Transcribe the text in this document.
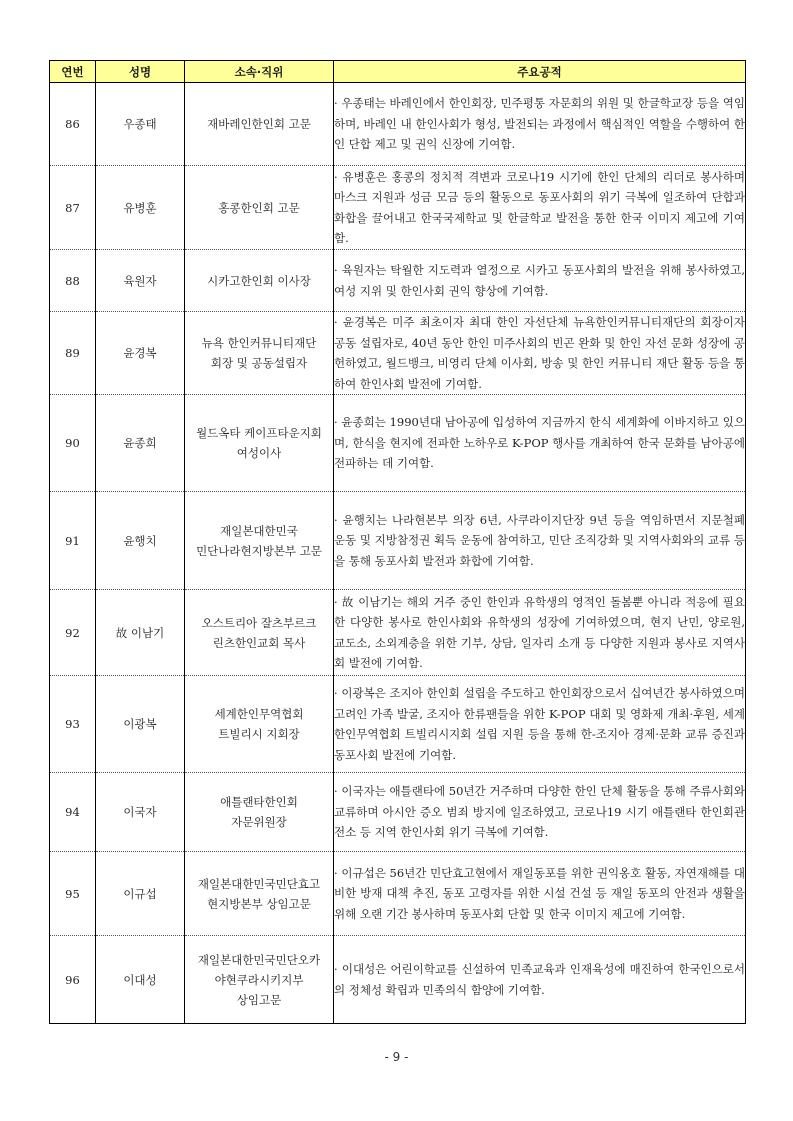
연번	성명	소속·직위	주요공적
86	우종태	재바레인한인회 고문	· 우종태는 바레인에서 한인회장, 민주평통 자문회의 위원 및 한글학교장 등을 역임하며, 바레인 내 한인사회가 형성, 발전되는 과정에서 핵심적인 역할을 수행하여 한인 단합 제고 및 권익 신장에 기여함.
87	유병훈	홍콩한인회 고문	· 유병훈은 홍콩의 정치적 격변과 코로나19 시기에 한인 단체의 리더로 봉사하며 마스크 지원과 성금 모금 등의 활동으로 동포사회의 위기 극복에 일조하여 단합과 화합을 끌어내고 한국국제학교 및 한글학교 발전을 통한 한국 이미지 제고에 기여함.
88	육원자	시카고한인회 이사장	· 육원자는 탁월한 지도력과 열정으로 시카고 동포사회의 발전을 위해 봉사하였고, 여성 지위 및 한인사회 권익 향상에 기여함.
89	윤경복	뉴욕 한인커뮤니티재단
회장 및 공동설립자	· 윤경복은 미주 최초이자 최대 한인 자선단체 뉴욕한인커뮤니티재단의 회장이자 공동 설립자로, 40년 동안 한인 미주사회의 빈곤 완화 및 한인 자선 문화 성장에 공헌하였고, 월드뱅크, 비영리 단체 이사회, 방송 및 한인 커뮤니티 재단 활동 등을 통하여 한인사회 발전에 기여함.
90	윤종희	월드옥타 케이프타운지회
여성이사	· 윤종희는 1990년대 남아공에 입성하여 지금까지 한식 세계화에 이바지하고 있으며, 한식을 현지에 전파한 노하우로 K-POP 행사를 개최하여 한국 문화를 남아공에 전파하는 데 기여함.
91	윤행치	재일본대한민국
민단나라현지방본부 고문	· 윤행치는 나라현본부 의장 6년, 사쿠라이지단장 9년 등을 역임하면서 지문철폐 운동 및 지방참정권 획득 운동에 참여하고, 민단 조직강화 및 지역사회와의 교류 등을 통해 동포사회 발전과 화합에 기여함.
92	故 이남기	오스트리아 잘츠부르크
린츠한인교회 목사	· 故 이남기는 해외 거주 중인 한인과 유학생의 영적인 돌봄뿐 아니라 적응에 필요한 다양한 봉사로 한인사회와 유학생의 성장에 기여하였으며, 현지 난민, 양로원, 교도소, 소외계층을 위한 기부, 상담, 일자리 소개 등 다양한 지원과 봉사로 지역사회 발전에 기여함.
93	이광복	세계한인무역협회
트빌리시 지회장	· 이광복은 조지아 한인회 설립을 주도하고 한인회장으로서 십여년간 봉사하였으며 고려인 가족 발굴, 조지아 한류팬들을 위한 K-POP 대회 및 영화제 개최·후원, 세계한인무역협회 트빌리시지회 설립 지원 등을 통해 한-조지아 경제·문화 교류 증진과 동포사회 발전에 기여함.
94	이국자	애틀랜타한인회
자문위원장	· 이국자는 애틀랜타에 50년간 거주하며 다양한 한인 단체 활동을 통해 주류사회와 교류하며 아시안 증오 범죄 방지에 일조하였고, 코로나19 시기 애틀랜타 한인회관 전소 등 지역 한인사회 위기 극복에 기여함.
95	이규섭	재일본대한민국민단효고
현지방본부 상임고문	· 이규섭은 56년간 민단효고현에서 재일동포를 위한 권익옹호 활동, 자연재해를 대비한 방재 대책 추진, 동포 고령자를 위한 시설 건설 등 재일 동포의 안전과 생활을 위해 오랜 기간 봉사하며 동포사회 단합 및 한국 이미지 제고에 기여함.
96	이대성	재일본대한민국민단오카
야현쿠라시키지부
상임고문	· 이대성은 어린이학교를 신설하여 민족교육과 인재육성에 매진하여 한국인으로서의 정체성 확립과 민족의식 함양에 기여함.
- 9 -
